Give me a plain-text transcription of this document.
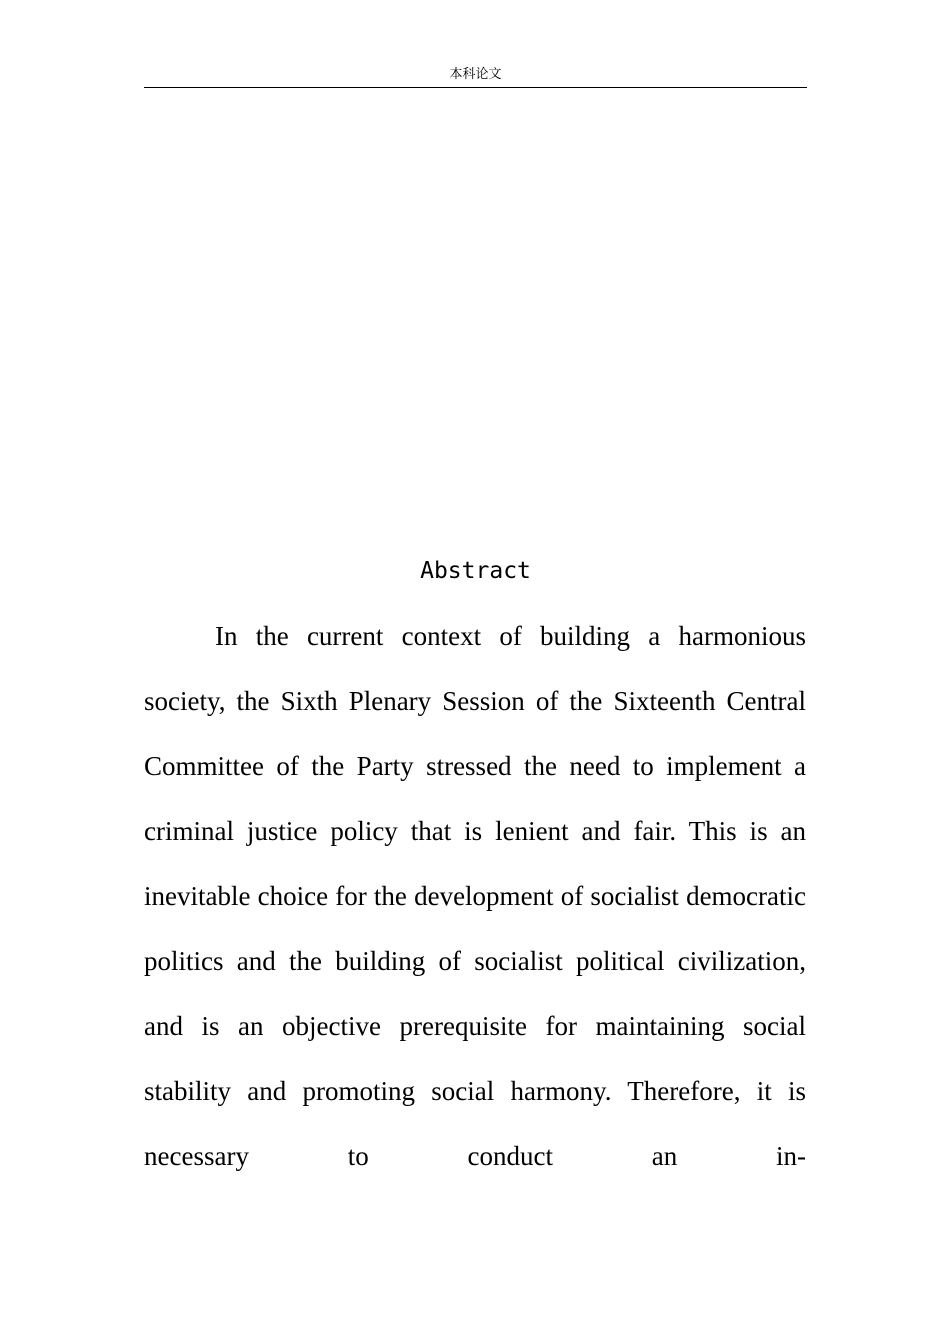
本科论文
Abstract

In the current context of building a harmonious society, the Sixth Plenary Session of the Sixteenth Central Committee of the Party stressed the need to implement a criminal justice policy that is lenient and fair. This is an inevitable choice for the development of socialist democratic politics and the building of socialist political civilization, and is an objective prerequisite for maintaining social stability and promoting social harmony. Therefore, it is necessary to conduct an in-
